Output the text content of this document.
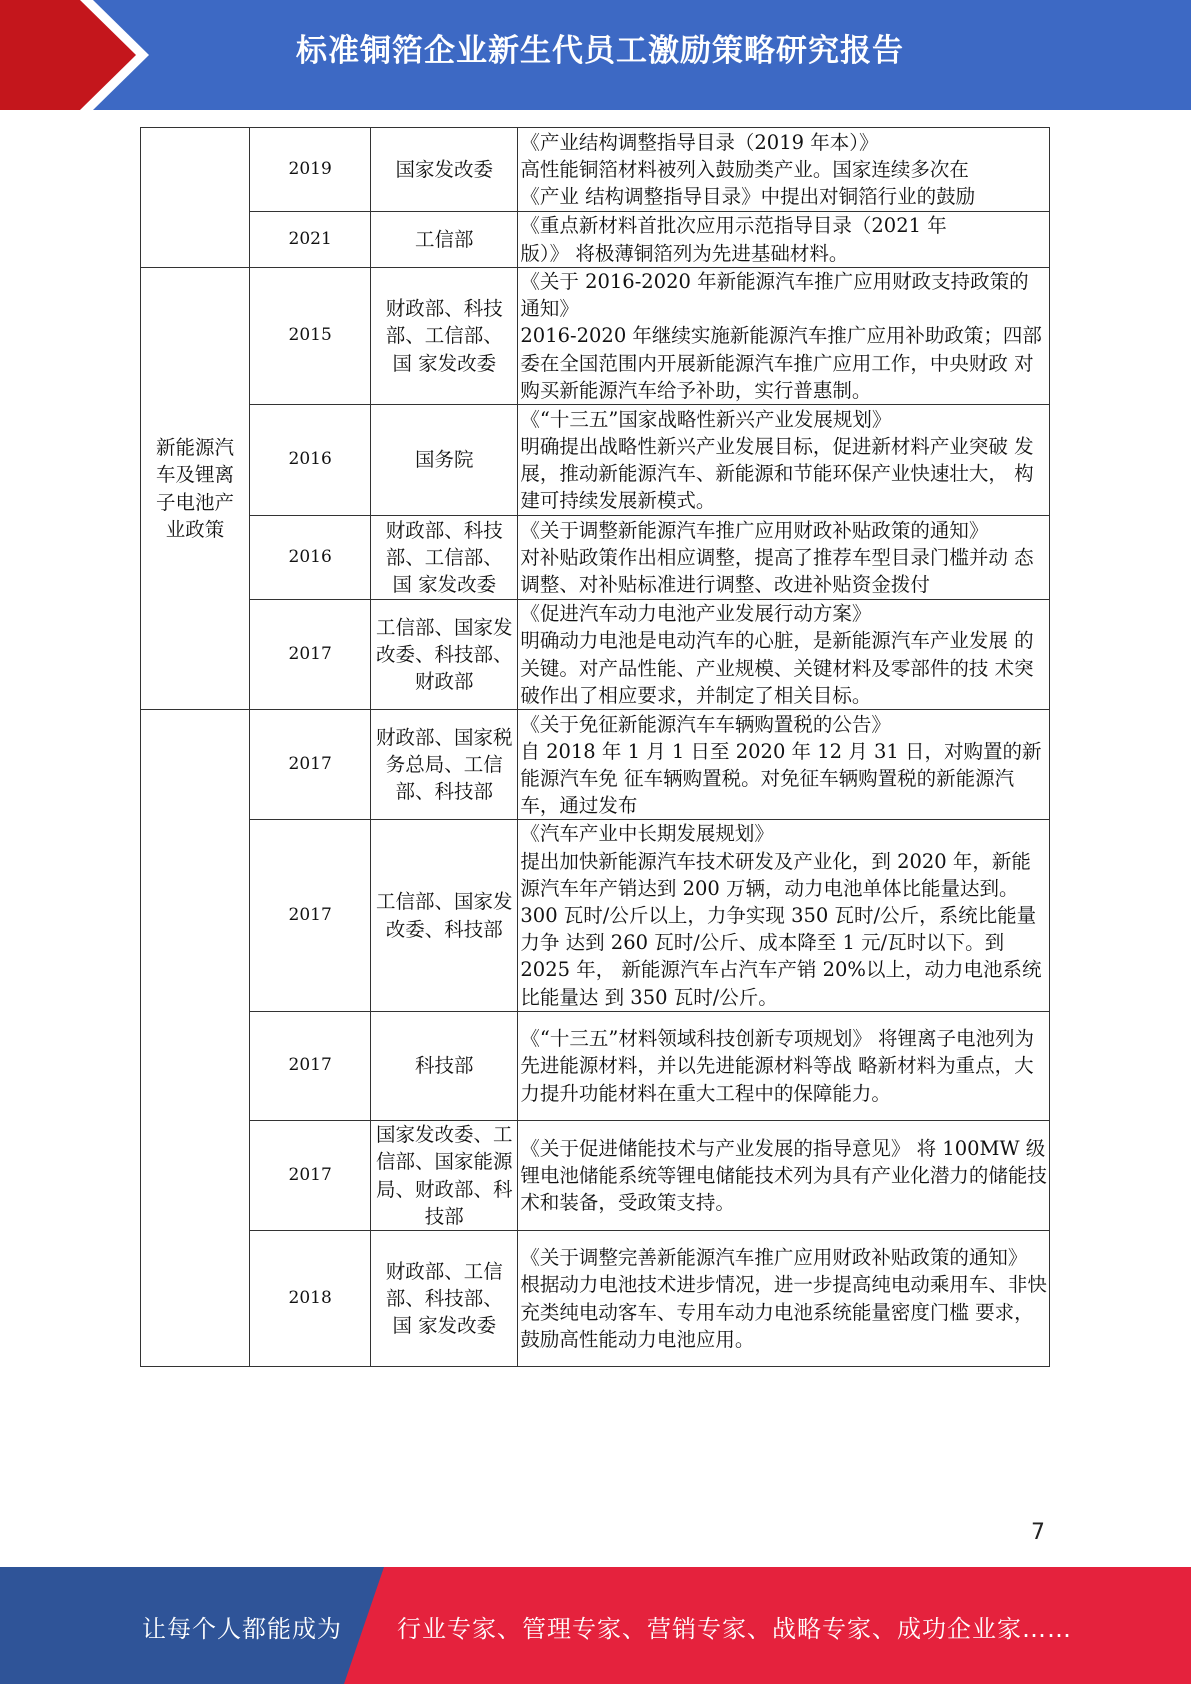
标准铜箔企业新生代员工激励策略研究报告
	2019	国家发改委	《产业结构调整指导目录（2019 年本）》
高性能铜箔材料被列入鼓励类产业。国家连续多次在
《产业 结构调整指导目录》中提出对铜箔行业的鼓励

	2021	工信部	《重点新材料首批次应用示范指导目录（2021 年
版）》 将极薄铜箔列为先进基础材料。

新能源汽车及锂离子电池产业政策	2015	财政部、科技部、工信部、 国 家发改委	《关于 2016-2020 年新能源汽车推广应用财政支持政策的 通知》
2016-2020 年继续实施新能源汽车推广应用补助政策；四部 委在全国范围内开展新能源汽车推广应用工作，中央财政 对购买新能源汽车给予补助，实行普惠制。

	2016	国务院	《“十三五”国家战略性新兴产业发展规划》
明确提出战略性新兴产业发展目标，促进新材料产业突破 发展，推动新能源汽车、新能源和节能环保产业快速壮大， 构建可持续发展新模式。

	2016	财政部、科技部、工信部、 国 家发改委	《关于调整新能源汽车推广应用财政补贴政策的通知》
对补贴政策作出相应调整，提高了推荐车型目录门槛并动 态调整、对补贴标准进行调整、改进补贴资金拨付

	2017	工信部、国家发 改委、科技部、 财政部	《促进汽车动力电池产业发展行动方案》
明确动力电池是电动汽车的心脏，是新能源汽车产业发展 的关键。对产品性能、产业规模、关键材料及零部件的技 术突破作出了相应要求，并制定了相关目标。

	2017	财政部、国家税 务总局、工信 部、科技部	《关于免征新能源汽车车辆购置税的公告》
自 2018 年 1 月 1 日至 2020 年 12 月 31 日，对购置的新能源汽车免 征车辆购置税。对免征车辆购置税的新能源汽车，通过发布

	2017	工信部、国家发 改委、科技部	《汽车产业中长期发展规划》
提出加快新能源汽车技术研发及产业化，到 2020 年，新能 源汽车年产销达到 200 万辆，动力电池单体比能量达到。300 瓦时/公斤以上，力争实现 350 瓦时/公斤，系统比能量力争 达到 260 瓦时/公斤、成本降至 1 元/瓦时以下。到 2025 年， 新能源汽车占汽车产销 20%以上，动力电池系统比能量达 到 350 瓦时/公斤。

	2017	科技部	《“十三五”材料领域科技创新专项规划》 将锂离子电池列为先进能源材料，并以先进能源材料等战 略新材料为重点，大力提升功能材料在重大工程中的保障能力。

	2017	国家发改委、工 信部、国家能源 局、财政部、科 技部	《关于促进储能技术与产业发展的指导意见》 将 100MW 级锂电池储能系统等锂电储能技术列为具有产业化潜力的储能技术和装备，受政策支持。

	2018	财政部、工信部、科技部、 国 家发改委	《关于调整完善新能源汽车推广应用财政补贴政策的通知》
根据动力电池技术进步情况，进一步提高纯电动乘用车、非快充类纯电动客车、专用车动力电池系统能量密度门槛 要求，鼓励高性能动力电池应用。
7
让每个人都能成为 行业专家、管理专家、营销专家、战略专家、成功企业家……
